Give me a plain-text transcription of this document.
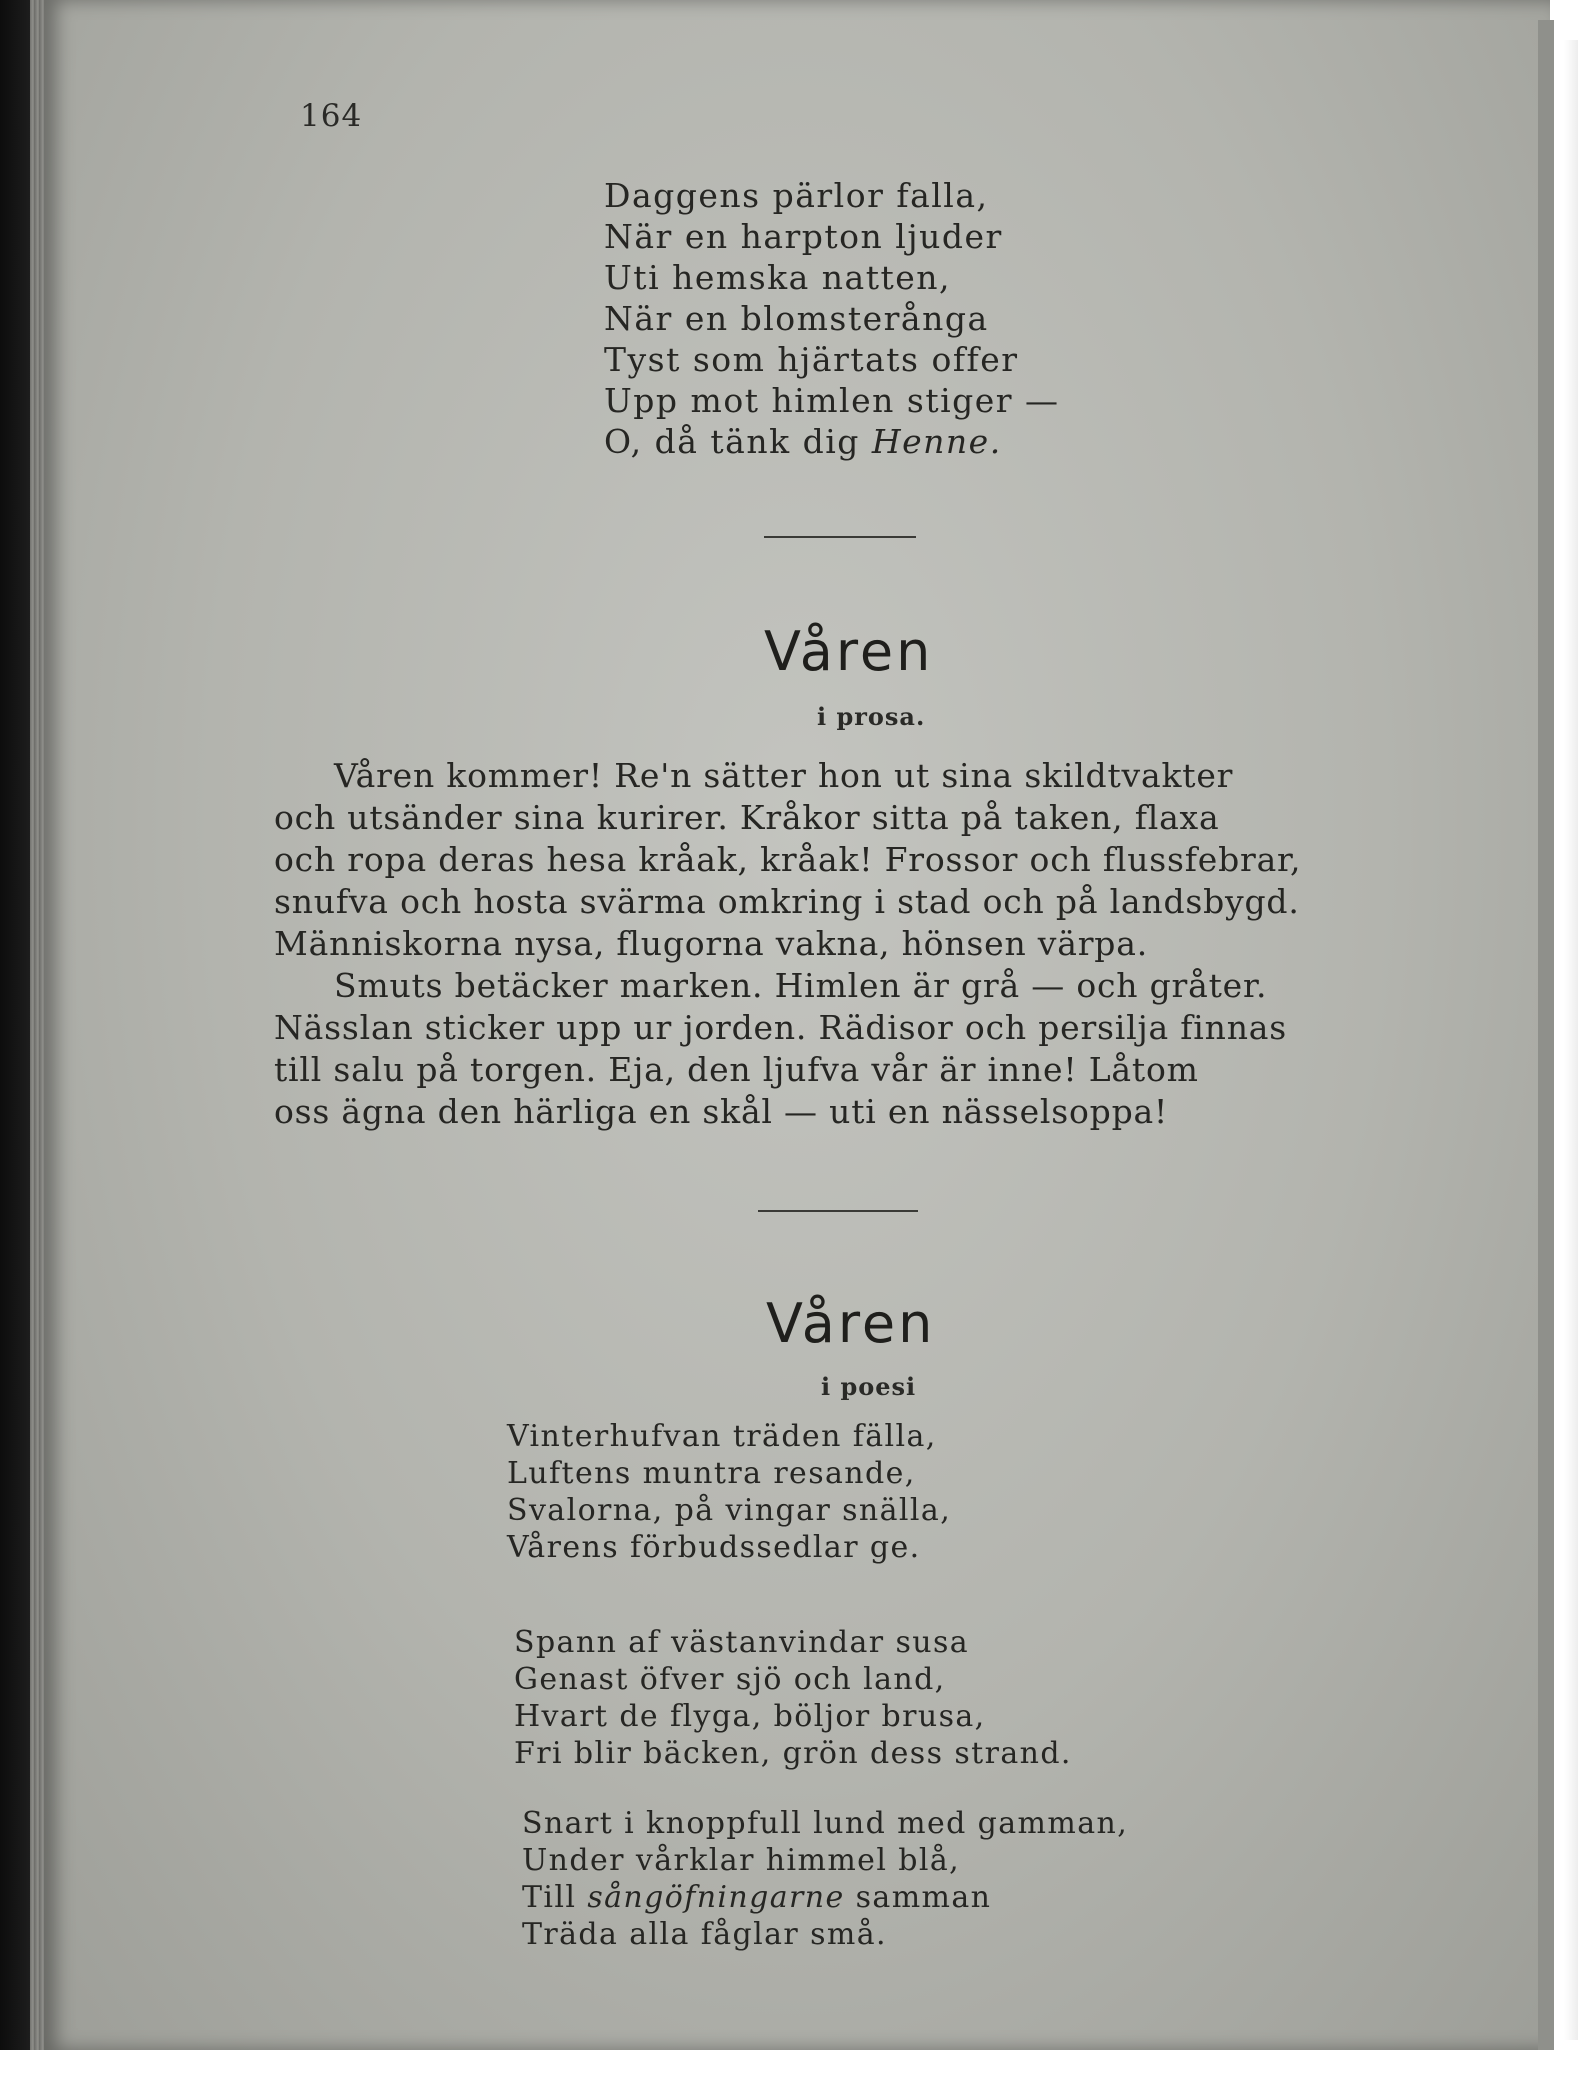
164
Daggens pärlor falla,
När en harpton ljuder
Uti hemska natten,
När en blomsterånga
Tyst som hjärtats offer
Upp mot himlen stiger —
O, då tänk dig Henne.
Våren
i prosa.
Våren kommer! Re'n sätter hon ut sina skildtvakter
och utsänder sina kurirer. Kråkor sitta på taken, flaxa
och ropa deras hesa kråak, kråak! Frossor och flussfebrar,
snufva och hosta svärma omkring i stad och på landsbygd.
Människorna nysa, flugorna vakna, hönsen värpa.
Smuts betäcker marken. Himlen är grå — och gråter.
Nässlan sticker upp ur jorden. Rädisor och persilja finnas
till salu på torgen. Eja, den ljufva vår är inne! Låtom
oss ägna den härliga en skål — uti en nässelsoppa!
Våren
i poesi
Vinterhufvan träden fälla,
Luftens muntra resande,
Svalorna, på vingar snälla,
Vårens förbudssedlar ge.
Spann af västanvindar susa
Genast öfver sjö och land,
Hvart de flyga, böljor brusa,
Fri blir bäcken, grön dess strand.
Snart i knoppfull lund med gamman,
Under vårklar himmel blå,
Till sångöfningarne samman
Träda alla fåglar små.
